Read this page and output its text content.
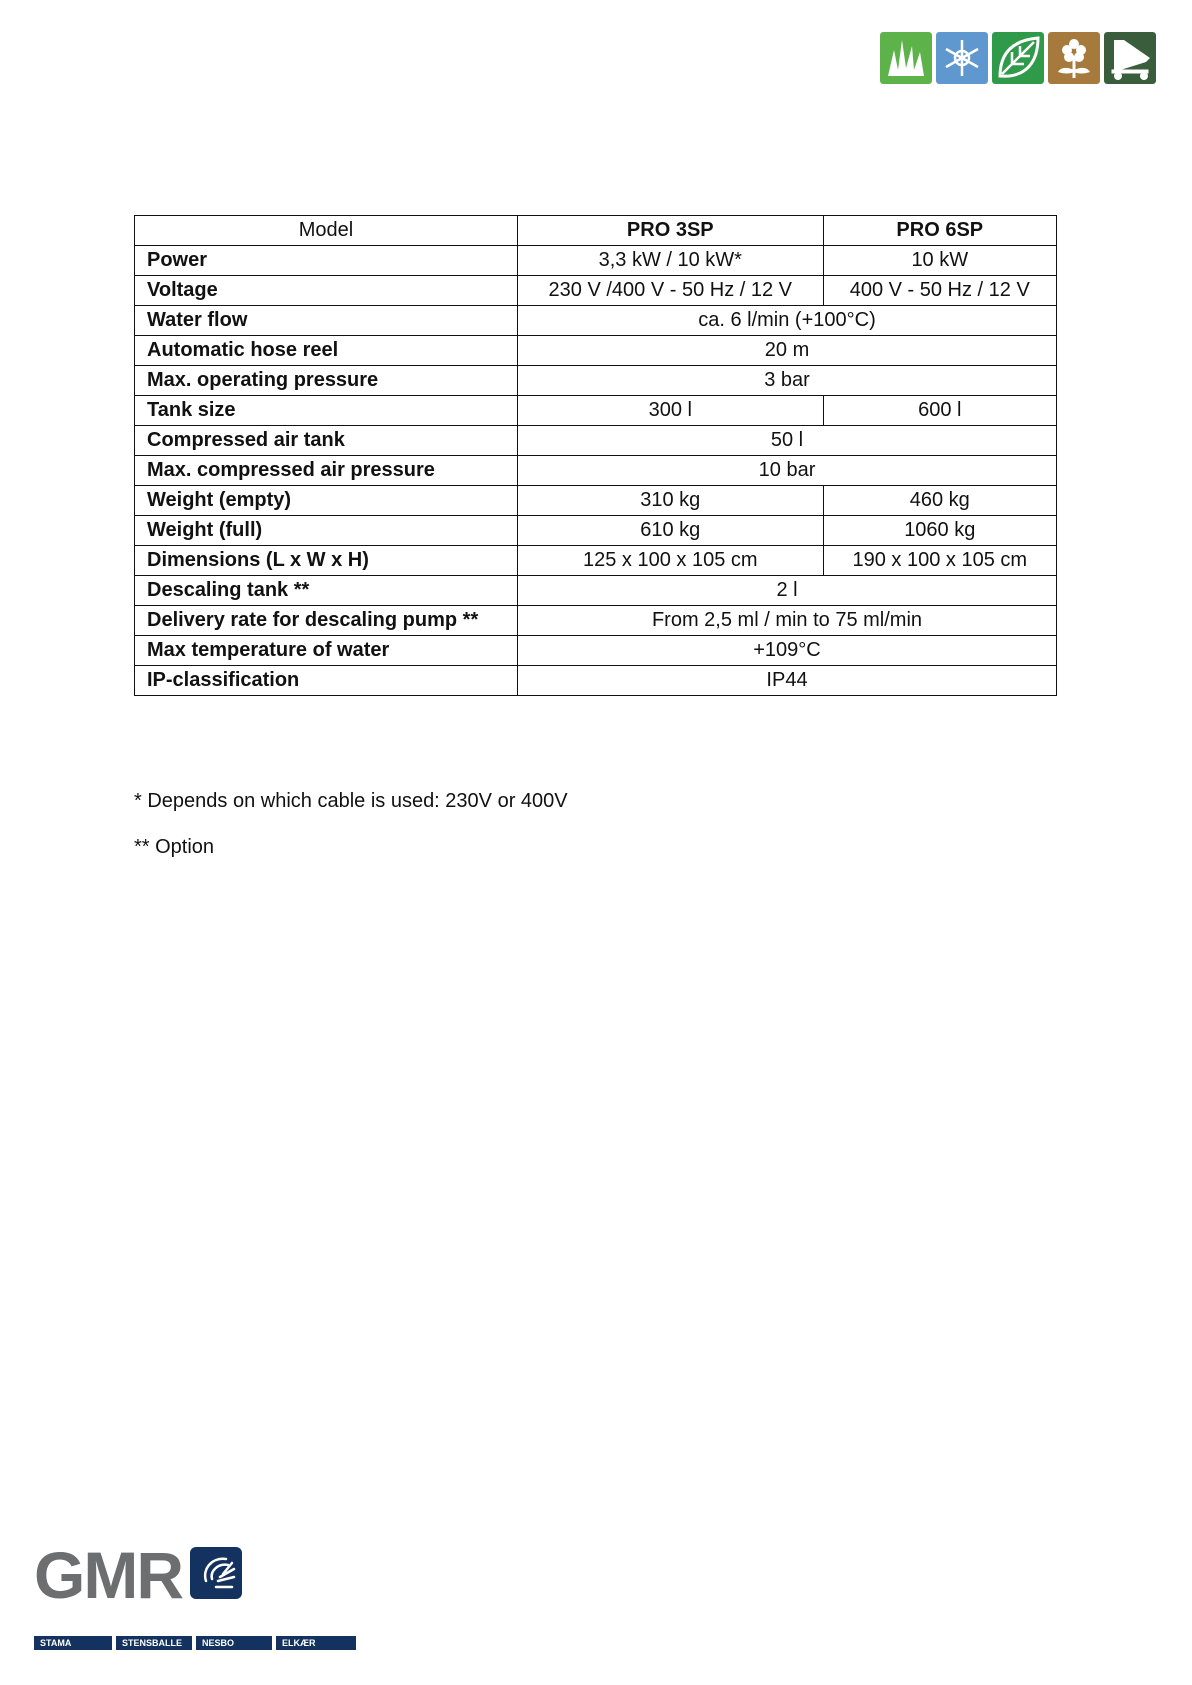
Model	PRO 3SP	PRO 6SP
Power	3,3 kW / 10 kW*	10 kW
Voltage	230 V /400 V - 50 Hz / 12 V	400 V - 50 Hz / 12 V
Water flow	ca. 6 l/min (+100°C)	
Automatic hose reel	20 m	
Max. operating pressure	3 bar	
Tank size	300 l	600 l
Compressed air tank	50 l	
Max. compressed air pressure	10 bar	
Weight (empty)	310 kg	460 kg
Weight (full)	610 kg	1060 kg
Dimensions (L x W x H)	125 x 100 x 105 cm	190 x 100 x 105 cm
Descaling tank **	2 l	
Delivery rate for descaling pump **	From 2,5 ml / min to 75 ml/min	
Max temperature of water	+109°C	
IP-classification	IP44	
* Depends on which cable is used: 230V or 400V
** Option
GMR
STAMA	STENSBALLE	NESBO	ELKÆR
